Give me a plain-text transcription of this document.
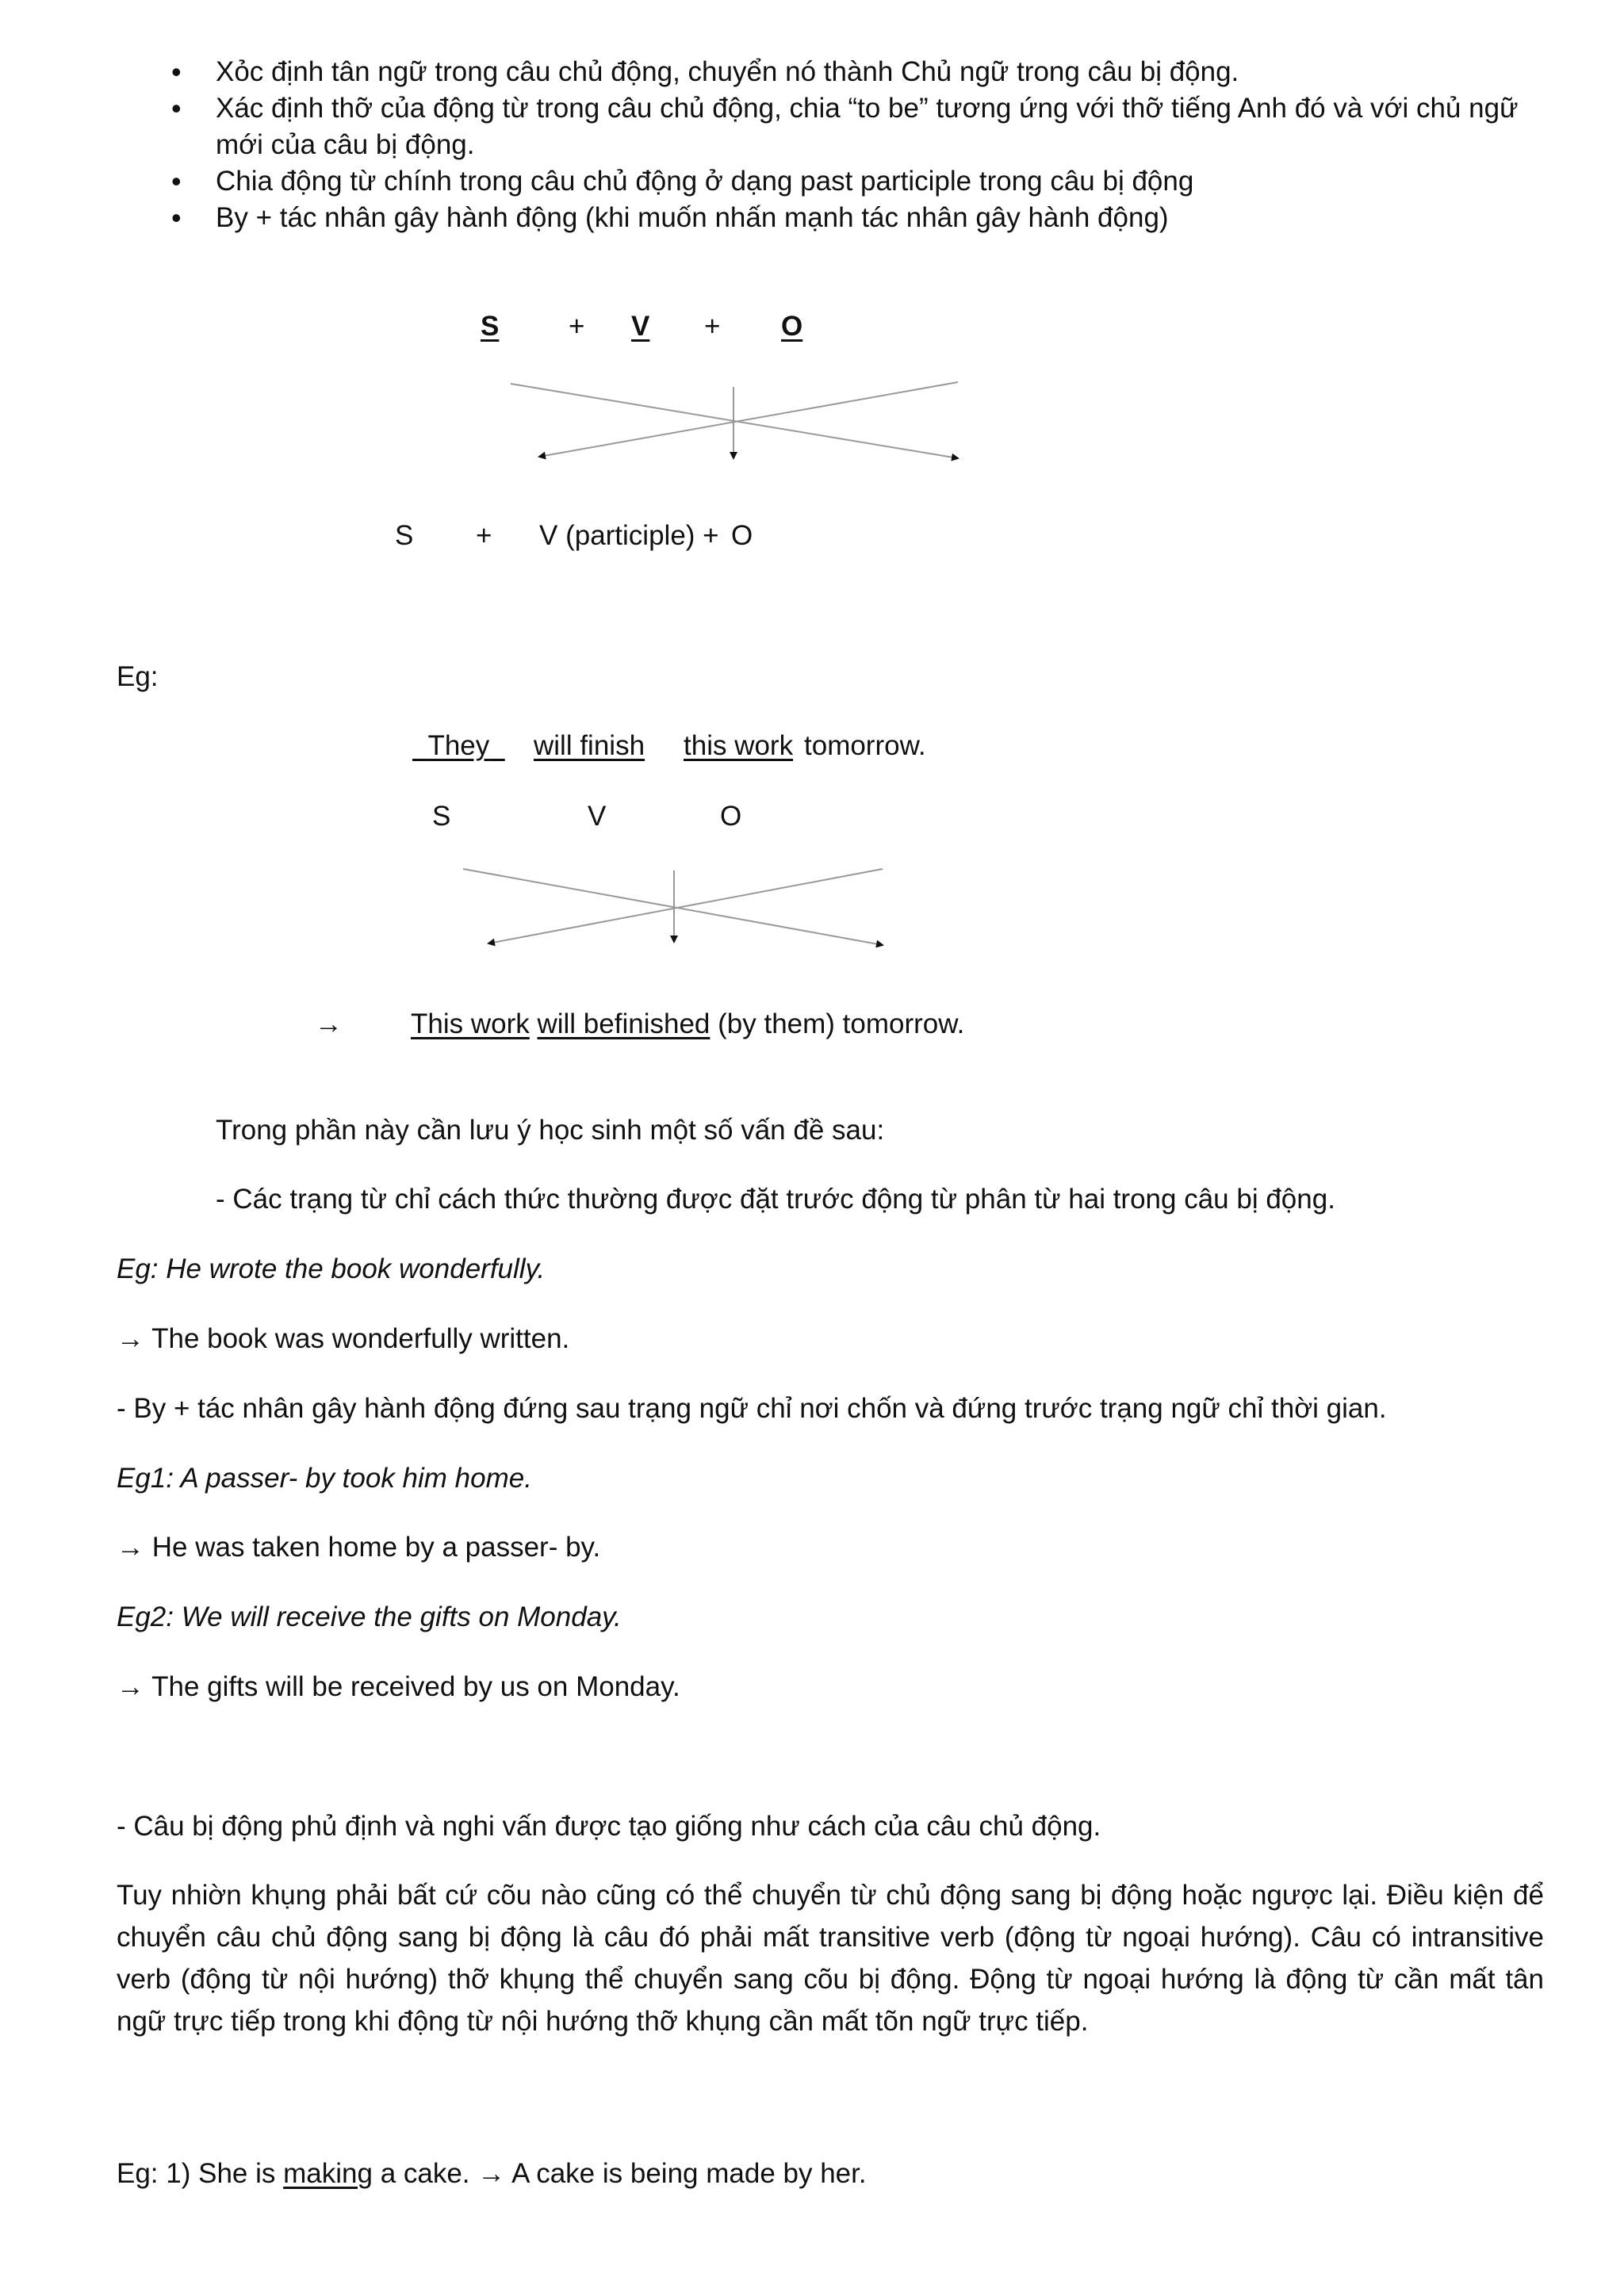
• Xỏc định tân ngữ trong câu chủ động, chuyển nó thành Chủ ngữ trong câu bị động.
• Xác định thỡ của động từ trong câu chủ động, chia “to be” tương ứng với thỡ tiếng Anh đó và với chủ ngữ mới của câu bị động.
• Chia động từ chính trong câu chủ động ở dạng past participle trong câu bị động
• By + tác nhân gây hành động (khi muốn nhấn mạnh tác nhân gây hành động)
S	+ V + O
S + V (participle) + O
Eg:
They	will finish this work tomorrow.
S	V	O
→ This work will befinished (by them) tomorrow.
Trong phần này cần lưu ý học sinh một số vấn đề sau:
- Các trạng từ chỉ cách thức thường được đặt trước động từ phân từ hai trong câu bị động.
Eg: He wrote the book wonderfully.
→ The book was wonderfully written.
- By + tác nhân gây hành động đứng sau trạng ngữ chỉ nơi chốn và đứng trước trạng ngữ chỉ thời gian.
Eg1: A passer- by took him home.
→ He was taken home by a passer- by.
Eg2: We will receive the gifts on Monday.
→ The gifts will be received by us on Monday.
- Câu bị động phủ định và nghi vấn được tạo giống như cách của câu chủ động.
Tuy nhiờn khụng phải bất cứ cõu nào cũng có thể chuyển từ chủ động sang bị động hoặc ngược lại. Điều kiện để chuyển câu chủ động sang bị động là câu đó phải mất transitive verb (động từ ngoại hướng). Câu có intransitive verb (động từ nội hướng) thỡ khụng thể chuyển sang cõu bị động. Động từ ngoại hướng là động từ cần mất tân ngữ trực tiếp trong khi động từ nội hướng thỡ khụng cần mất tõn ngữ trực tiếp.
Eg: 1) She is making a cake. → A cake is being made by her.
